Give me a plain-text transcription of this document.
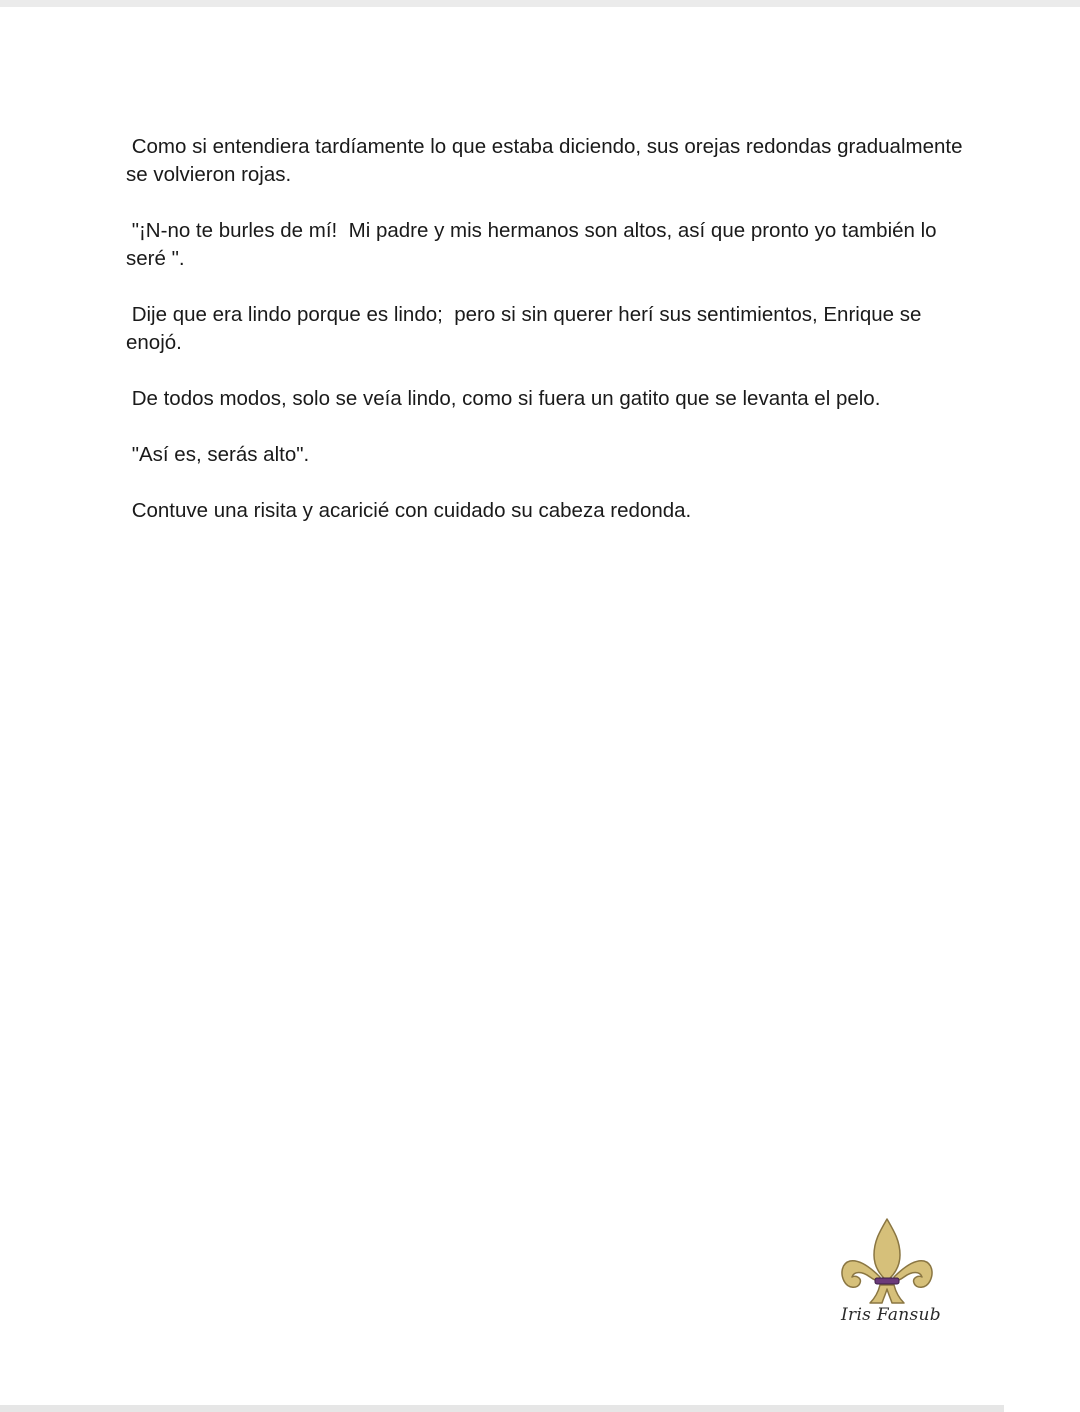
Como si entendiera tardíamente lo que estaba diciendo, sus orejas redondas gradualmente se volvieron rojas.

"¡N-no te burles de mí!  Mi padre y mis hermanos son altos, así que pronto yo también lo seré ".

Dije que era lindo porque es lindo;  pero si sin querer herí sus sentimientos, Enrique se enojó.

De todos modos, solo se veía lindo, como si fuera un gatito que se levanta el pelo.

"Así es, serás alto".

Contuve una risita y acaricié con cuidado su cabeza redonda.

Iris Fansub
